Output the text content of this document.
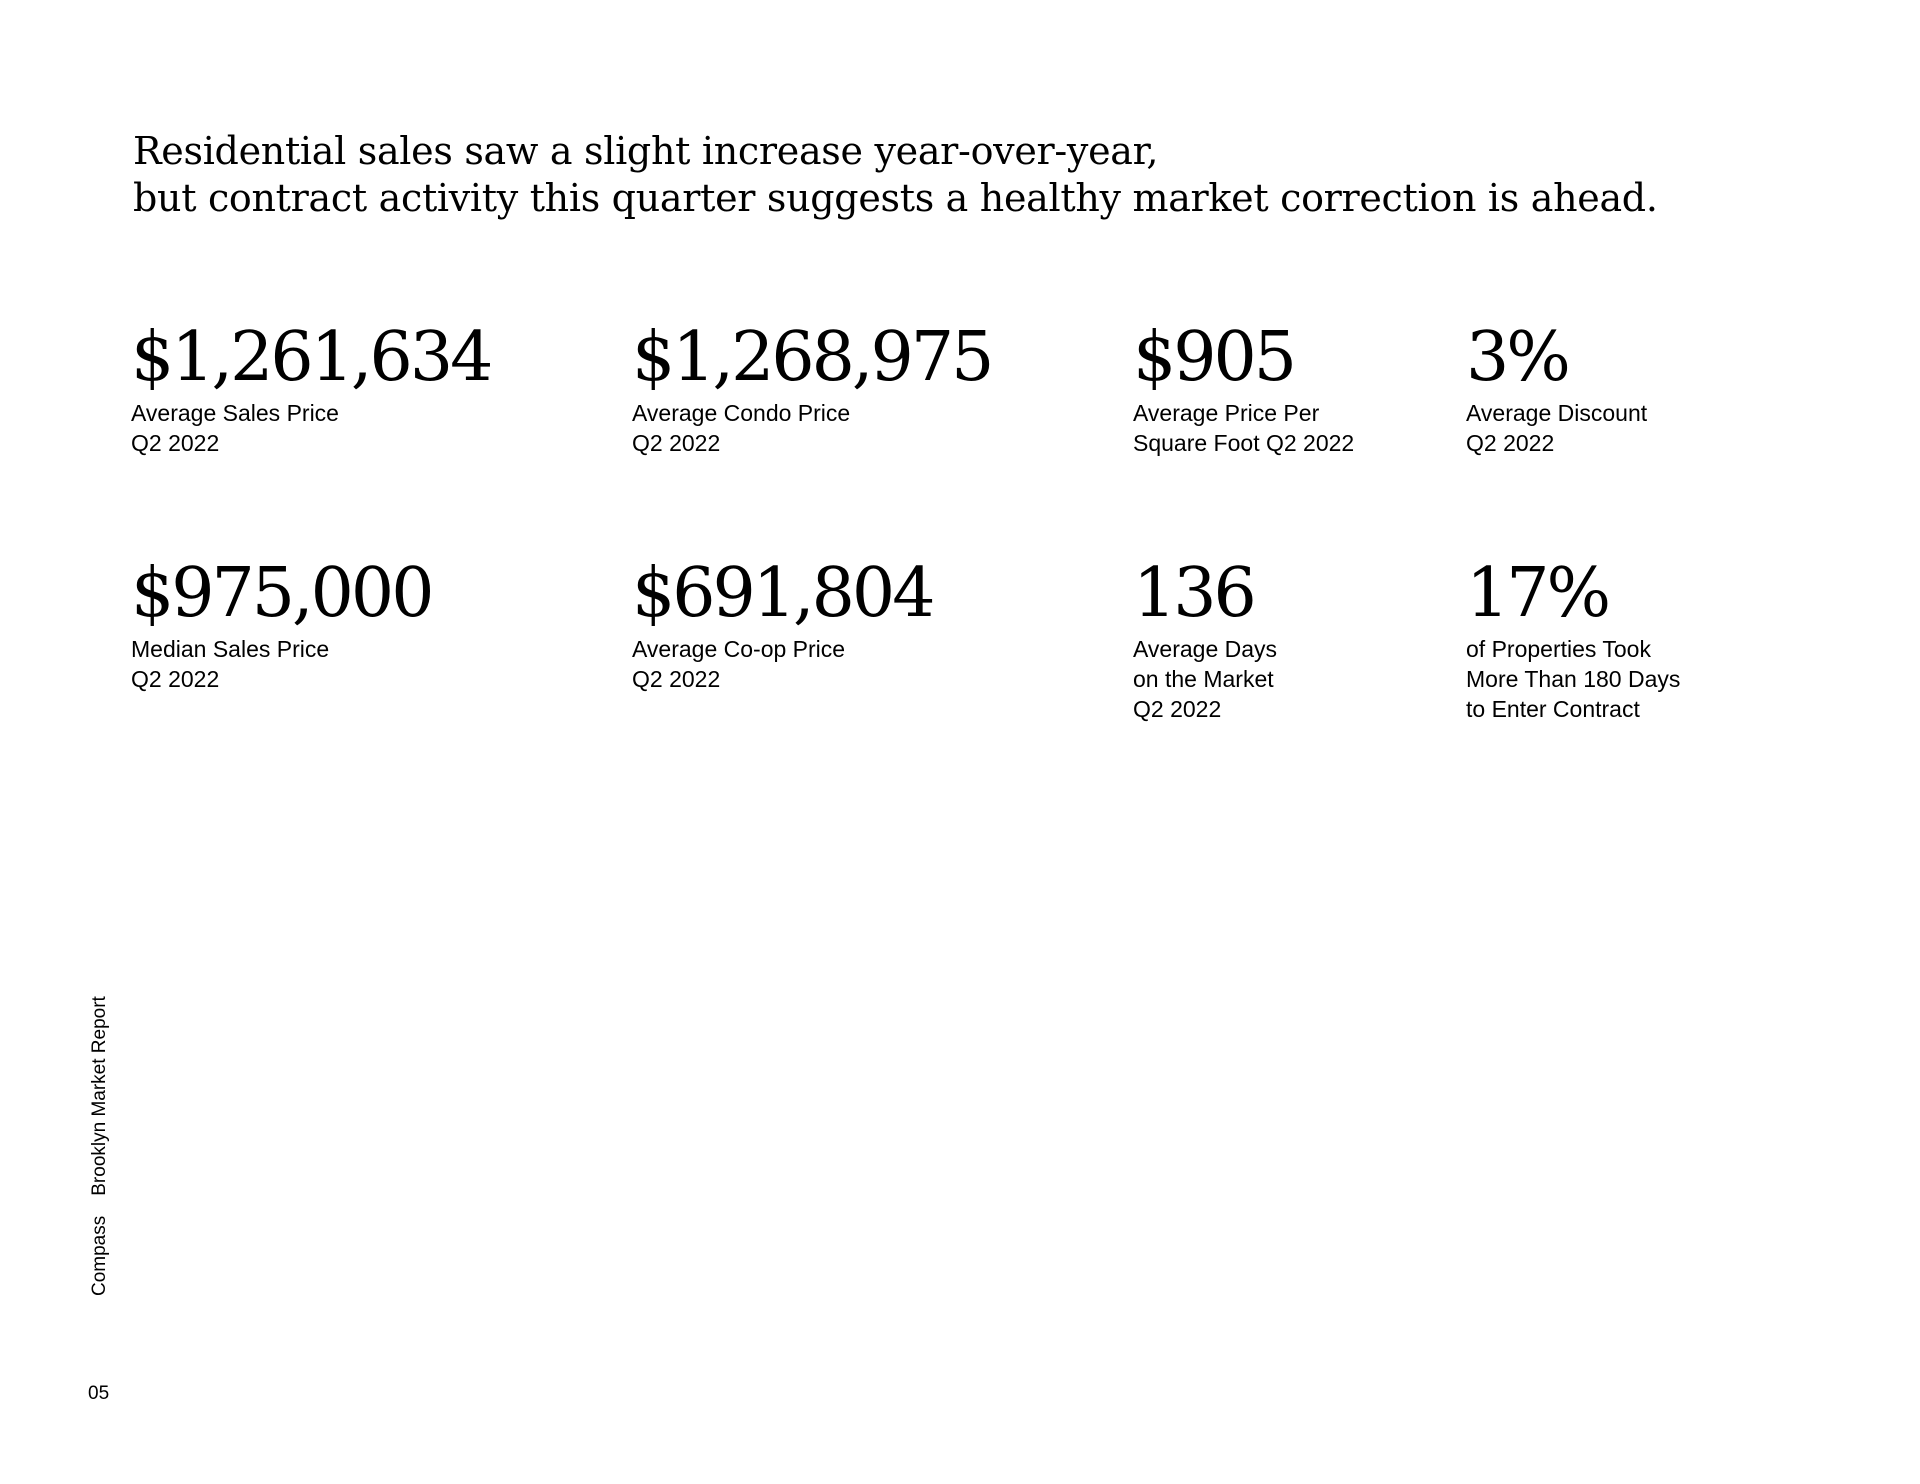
Residential sales saw a slight increase year-over-year,
but contract activity this quarter suggests a healthy market correction is ahead.
$1,261,634
Average Sales Price
Q2 2022
$1,268,975
Average Condo Price
Q2 2022
$905
Average Price Per
Square Foot Q2 2022
3%
Average Discount
Q2 2022
$975,000
Median Sales Price
Q2 2022
$691,804
Average Co-op Price
Q2 2022
136
Average Days
on the Market
Q2 2022
17%
of Properties Took
More Than 180 Days
to Enter Contract
CompassBrooklyn Market Report
05
